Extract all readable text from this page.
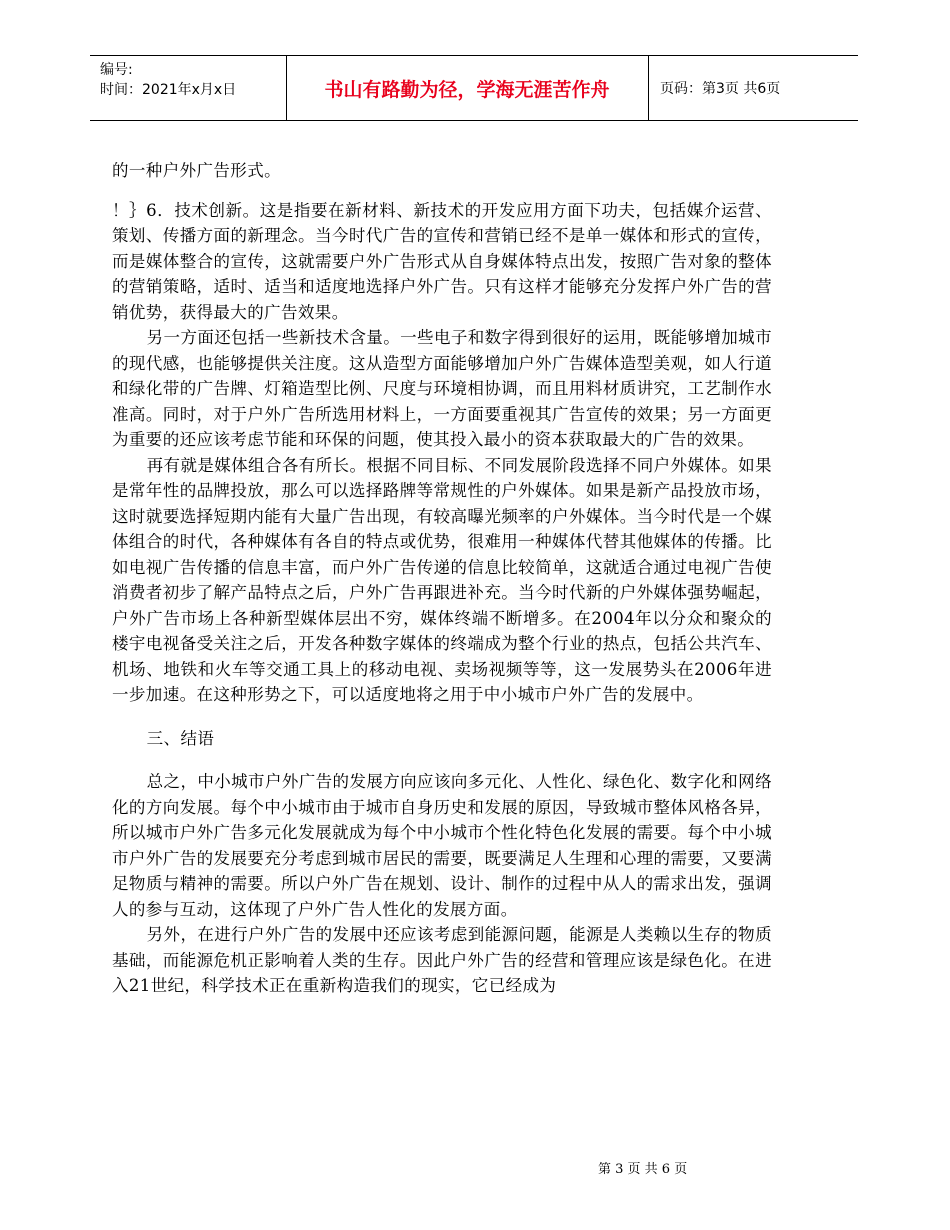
编号:
时间：2021年x月x日	书山有路勤为径，学海无涯苦作舟	页码：第3页 共6页

的一种户外广告形式。

！｝6．技术创新。这是指要在新材料、新技术的开发应用方面下功夫，包括媒介运营、策划、传播方面的新理念。当今时代广告的宣传和营销已经不是单一媒体和形式的宣传，而是媒体整合的宣传，这就需要户外广告形式从自身媒体特点出发，按照广告对象的整体的营销策略，适时、适当和适度地选择户外广告。只有这样才能够充分发挥户外广告的营销优势，获得最大的广告效果。

另一方面还包括一些新技术含量。一些电子和数字得到很好的运用，既能够增加城市的现代感，也能够提供关注度。这从造型方面能够增加户外广告媒体造型美观，如人行道和绿化带的广告牌、灯箱造型比例、尺度与环境相协调，而且用料材质讲究，工艺制作水准高。同时，对于户外广告所选用材料上，一方面要重视其广告宣传的效果；另一方面更为重要的还应该考虑节能和环保的问题，使其投入最小的资本获取最大的广告的效果。

再有就是媒体组合各有所长。根据不同目标、不同发展阶段选择不同户外媒体。如果是常年性的品牌投放，那么可以选择路牌等常规性的户外媒体。如果是新产品投放市场，这时就要选择短期内能有大量广告出现，有较高曝光频率的户外媒体。当今时代是一个媒体组合的时代，各种媒体有各自的特点或优势，很难用一种媒体代替其他媒体的传播。比如电视广告传播的信息丰富，而户外广告传递的信息比较简单，这就适合通过电视广告使消费者初步了解产品特点之后，户外广告再跟进补充。当今时代新的户外媒体强势崛起，户外广告市场上各种新型媒体层出不穷，媒体终端不断增多。在2004年以分众和聚众的楼宇电视备受关注之后，开发各种数字媒体的终端成为整个行业的热点，包括公共汽车、机场、地铁和火车等交通工具上的移动电视、卖场视频等等，这一发展势头在2006年进一步加速。在这种形势之下，可以适度地将之用于中小城市户外广告的发展中。

三、结语

总之，中小城市户外广告的发展方向应该向多元化、人性化、绿色化、数字化和网络化的方向发展。每个中小城市由于城市自身历史和发展的原因，导致城市整体风格各异，所以城市户外广告多元化发展就成为每个中小城市个性化特色化发展的需要。每个中小城市户外广告的发展要充分考虑到城市居民的需要，既要满足人生理和心理的需要，又要满足物质与精神的需要。所以户外广告在规划、设计、制作的过程中从人的需求出发，强调人的参与互动，这体现了户外广告人性化的发展方面。

另外，在进行户外广告的发展中还应该考虑到能源问题，能源是人类赖以生存的物质基础，而能源危机正影响着人类的生存。因此户外广告的经营和管理应该是绿色化。在进入21世纪，科学技术正在重新构造我们的现实，它已经成为

第 3 页 共 6 页
